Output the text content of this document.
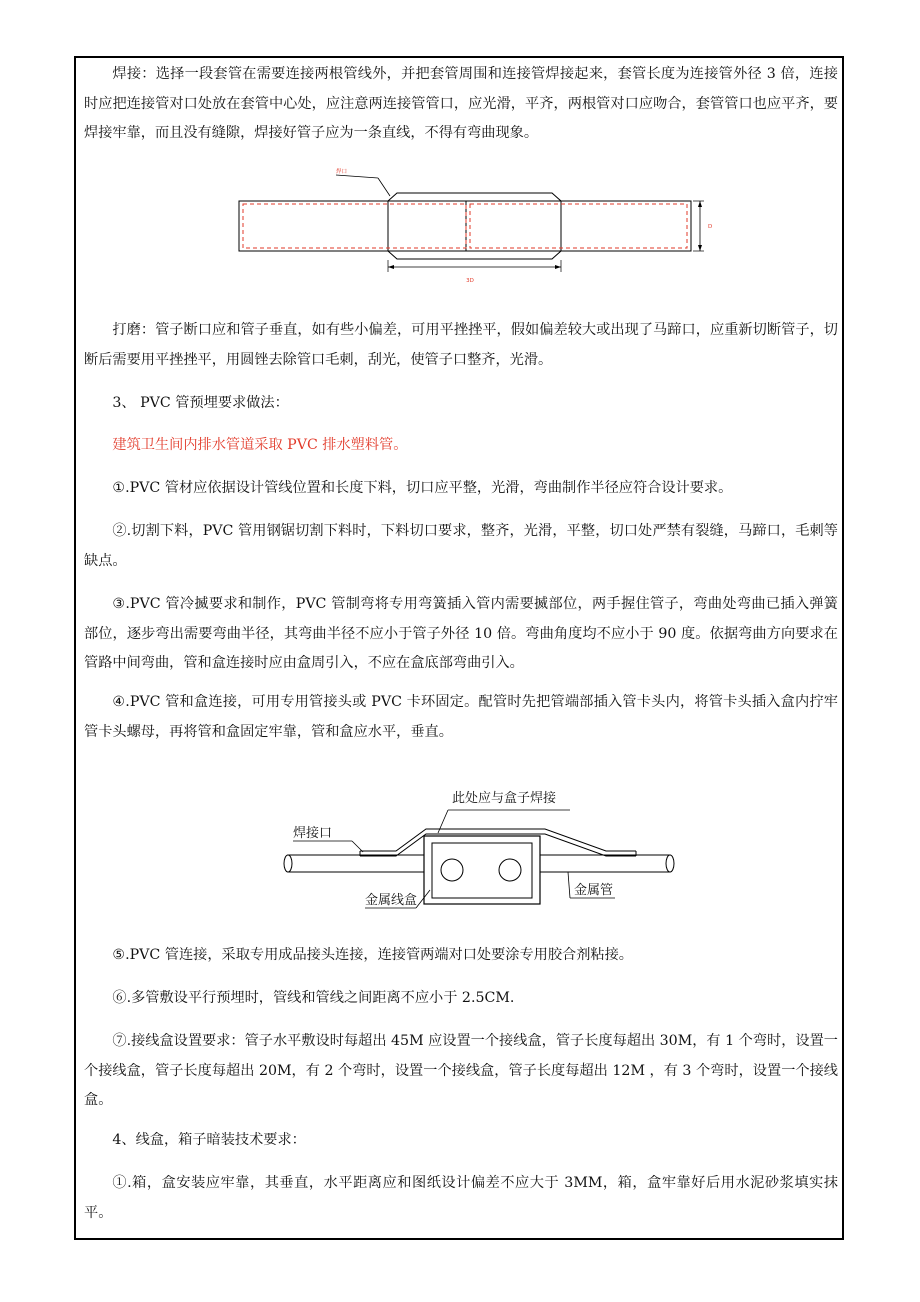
焊接：选择一段套管在需要连接两根管线外，并把套管周围和连接管焊接起来，套管长度为连接管外径 3 倍，连接时应把连接管对口处放在套管中心处，应注意两连接管管口，应光滑，平齐，两根管对口应吻合，套管管口也应平齐，要焊接牢靠，而且没有缝隙，焊接好管子应为一条直线，不得有弯曲现象。

焊口
3D
D

打磨：管子断口应和管子垂直，如有些小偏差，可用平挫挫平，假如偏差较大或出现了马蹄口，应重新切断管子，切断后需要用平挫挫平，用圆锉去除管口毛刺，刮光，使管子口整齐，光滑。

3、 PVC 管预埋要求做法：

建筑卫生间内排水管道采取 PVC 排水塑料管。

①.PVC 管材应依据设计管线位置和长度下料，切口应平整，光滑，弯曲制作半径应符合设计要求。

②.切割下料，PVC 管用钢锯切割下料时，下料切口要求，整齐，光滑，平整，切口处严禁有裂缝，马蹄口，毛刺等缺点。

③.PVC 管冷揻要求和制作，PVC 管制弯将专用弯簧插入管内需要揻部位，两手握住管子，弯曲处弯曲已插入弹簧部位，逐步弯出需要弯曲半径，其弯曲半径不应小于管子外径 10 倍。弯曲角度均不应小于 90 度。依据弯曲方向要求在管路中间弯曲，管和盒连接时应由盒周引入，不应在盒底部弯曲引入。

④.PVC 管和盒连接，可用专用管接头或 PVC 卡环固定。配管时先把管端部插入管卡头内，将管卡头插入盒内拧牢管卡头螺母，再将管和盒固定牢靠，管和盒应水平，垂直。

此处应与盒子焊接
焊接口
金属线盒
金属管

⑤.PVC 管连接，采取专用成品接头连接，连接管两端对口处要涂专用胶合剂粘接。

⑥.多管敷设平行预埋时，管线和管线之间距离不应小于 2.5CM.

⑦.接线盒设置要求：管子水平敷设时每超出 45M 应设置一个接线盒，管子长度每超出 30M，有 1 个弯时，设置一个接线盒，管子长度每超出 20M，有 2 个弯时，设置一个接线盒，管子长度每超出 12M ，有 3 个弯时，设置一个接线盒。

4、线盒，箱子暗装技术要求：

①.箱，盒安装应牢靠，其垂直，水平距离应和图纸设计偏差不应大于 3MM，箱，盒牢靠好后用水泥砂浆填实抹平。
